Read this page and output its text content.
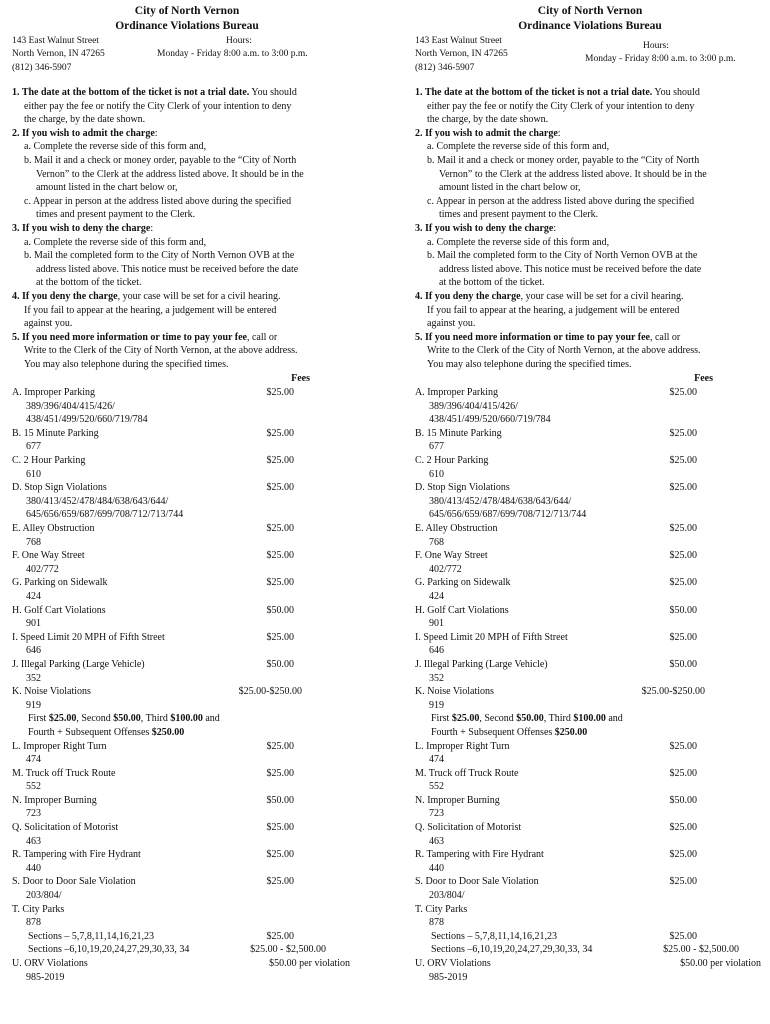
City of North Vernon
Ordinance Violations Bureau
143 East Walnut Street
North Vernon, IN 47265
(812) 346-5907
Hours:
Monday - Friday 8:00 a.m. to 3:00 p.m.

1. The date at the bottom of the ticket is not a trial date. You should

either pay the fee or notify the City Clerk of your intention to deny

the charge, by the date shown.

2. If you wish to admit the charge:

a. Complete the reverse side of this form and,

b. Mail it and a check or money order, payable to the “City of North

Vernon” to the Clerk at the address listed above. It should be in the

amount listed in the chart below or,

c. Appear in person at the address listed above during the specified

times and present payment to the Clerk.

3. If you wish to deny the charge:

a. Complete the reverse side of this form and,

b. Mail the completed form to the City of North Vernon OVB at the

address listed above. This notice must be received before the date

at the bottom of the ticket.

4. If you deny the charge, your case will be set for a civil hearing.

If you fail to appear at the hearing, a judgement will be entered

against you.

5. If you need more information or time to pay your fee, call or

Write to the Clerk of the City of North Vernon, at the above address.

You may also telephone during the specified times.

Fees
A. Improper Parking	$25.00
389/396/404/415/426/
438/451/499/520/660/719/784
B. 15 Minute Parking	$25.00
677
C. 2 Hour Parking	$25.00
610
D. Stop Sign Violations	$25.00
380/413/452/478/484/638/643/644/
645/656/659/687/699/708/712/713/744
E. Alley Obstruction	$25.00
768
F. One Way Street	$25.00
402/772
G. Parking on Sidewalk	$25.00
424
H. Golf Cart Violations	$50.00
901
I. Speed Limit 20 MPH of Fifth Street	$25.00
646
J. Illegal Parking (Large Vehicle)	$50.00
352
K. Noise Violations	$25.00-$250.00
919
First $25.00, Second $50.00, Third $100.00 and
Fourth + Subsequent Offenses $250.00
L. Improper Right Turn	$25.00
474
M. Truck off Truck Route	$25.00
552
N. Improper Burning	$50.00
723
Q. Solicitation of Motorist	$25.00
463
R. Tampering with Fire Hydrant	$25.00
440
S. Door to Door Sale Violation	$25.00
203/804/
T. City Parks
878
Sections – 5,7,8,11,14,16,21,23	$25.00
Sections –6,10,19,20,24,27,29,30,33, 34	$25.00 - $2,500.00
U. ORV Violations	$50.00 per violation
985-2019
City of North Vernon
Ordinance Violations Bureau
143 East Walnut Street
North Vernon, IN 47265
(812) 346-5907
Hours:
Monday - Friday 8:00 a.m. to 3:00 p.m.

1. The date at the bottom of the ticket is not a trial date. You should

either pay the fee or notify the City Clerk of your intention to deny

the charge, by the date shown.

2. If you wish to admit the charge:

a. Complete the reverse side of this form and,

b. Mail it and a check or money order, payable to the “City of North

Vernon” to the Clerk at the address listed above. It should be in the

amount listed in the chart below or,

c. Appear in person at the address listed above during the specified

times and present payment to the Clerk.

3. If you wish to deny the charge:

a. Complete the reverse side of this form and,

b. Mail the completed form to the City of North Vernon OVB at the

address listed above. This notice must be received before the date

at the bottom of the ticket.

4. If you deny the charge, your case will be set for a civil hearing.

If you fail to appear at the hearing, a judgement will be entered

against you.

5. If you need more information or time to pay your fee, call or

Write to the Clerk of the City of North Vernon, at the above address.

You may also telephone during the specified times.

Fees
A. Improper Parking	$25.00
389/396/404/415/426/
438/451/499/520/660/719/784
B. 15 Minute Parking	$25.00
677
C. 2 Hour Parking	$25.00
610
D. Stop Sign Violations	$25.00
380/413/452/478/484/638/643/644/
645/656/659/687/699/708/712/713/744
E. Alley Obstruction	$25.00
768
F. One Way Street	$25.00
402/772
G. Parking on Sidewalk	$25.00
424
H. Golf Cart Violations	$50.00
901
I. Speed Limit 20 MPH of Fifth Street	$25.00
646
J. Illegal Parking (Large Vehicle)	$50.00
352
K. Noise Violations	$25.00-$250.00
919
First $25.00, Second $50.00, Third $100.00 and
Fourth + Subsequent Offenses $250.00
L. Improper Right Turn	$25.00
474
M. Truck off Truck Route	$25.00
552
N. Improper Burning	$50.00
723
Q. Solicitation of Motorist	$25.00
463
R. Tampering with Fire Hydrant	$25.00
440
S. Door to Door Sale Violation	$25.00
203/804/
T. City Parks
878
Sections – 5,7,8,11,14,16,21,23	$25.00
Sections –6,10,19,20,24,27,29,30,33, 34	$25.00 - $2,500.00
U. ORV Violations	$50.00 per violation
985-2019
